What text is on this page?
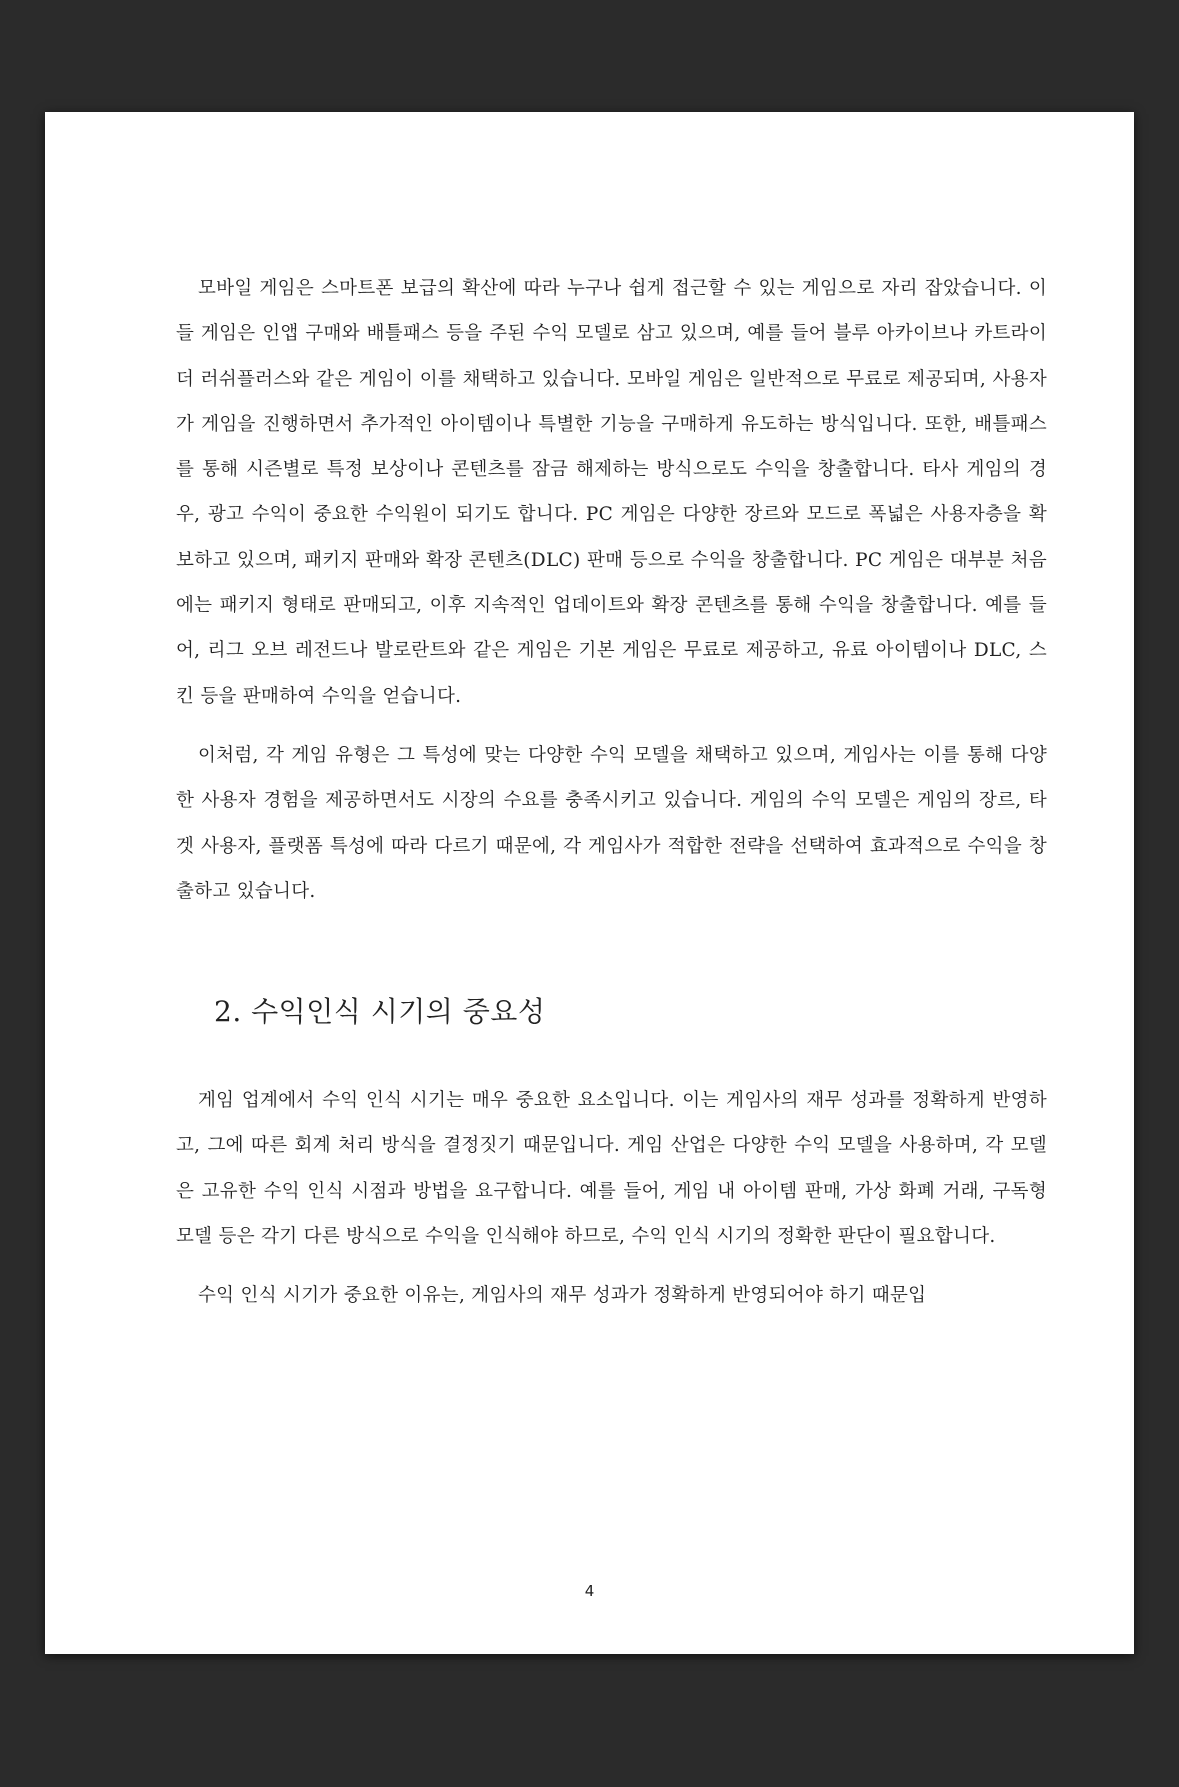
모바일 게임은 스마트폰 보급의 확산에 따라 누구나 쉽게 접근할 수 있는 게임으로 자리 잡았습니다. 이들 게임은 인앱 구매와 배틀패스 등을 주된 수익 모델로 삼고 있으며, 예를 들어 블루 아카이브나 카트라이더 러쉬플러스와 같은 게임이 이를 채택하고 있습니다. 모바일 게임은 일반적으로 무료로 제공되며, 사용자가 게임을 진행하면서 추가적인 아이템이나 특별한 기능을 구매하게 유도하는 방식입니다. 또한, 배틀패스를 통해 시즌별로 특정 보상이나 콘텐츠를 잠금 해제하는 방식으로도 수익을 창출합니다. 타사 게임의 경우, 광고 수익이 중요한 수익원이 되기도 합니다. PC 게임은 다양한 장르와 모드로 폭넓은 사용자층을 확보하고 있으며, 패키지 판매와 확장 콘텐츠(DLC) 판매 등으로 수익을 창출합니다. PC 게임은 대부분 처음에는 패키지 형태로 판매되고, 이후 지속적인 업데이트와 확장 콘텐츠를 통해 수익을 창출합니다. 예를 들어, 리그 오브 레전드나 발로란트와 같은 게임은 기본 게임은 무료로 제공하고, 유료 아이템이나 DLC, 스킨 등을 판매하여 수익을 얻습니다.

이처럼, 각 게임 유형은 그 특성에 맞는 다양한 수익 모델을 채택하고 있으며, 게임사는 이를 통해 다양한 사용자 경험을 제공하면서도 시장의 수요를 충족시키고 있습니다. 게임의 수익 모델은 게임의 장르, 타겟 사용자, 플랫폼 특성에 따라 다르기 때문에, 각 게임사가 적합한 전략을 선택하여 효과적으로 수익을 창출하고 있습니다.

2. 수익인식 시기의 중요성

게임 업계에서 수익 인식 시기는 매우 중요한 요소입니다. 이는 게임사의 재무 성과를 정확하게 반영하고, 그에 따른 회계 처리 방식을 결정짓기 때문입니다. 게임 산업은 다양한 수익 모델을 사용하며, 각 모델은 고유한 수익 인식 시점과 방법을 요구합니다. 예를 들어, 게임 내 아이템 판매, 가상 화폐 거래, 구독형 모델 등은 각기 다른 방식으로 수익을 인식해야 하므로, 수익 인식 시기의 정확한 판단이 필요합니다.

수익 인식 시기가 중요한 이유는, 게임사의 재무 성과가 정확하게 반영되어야 하기 때문입

4
